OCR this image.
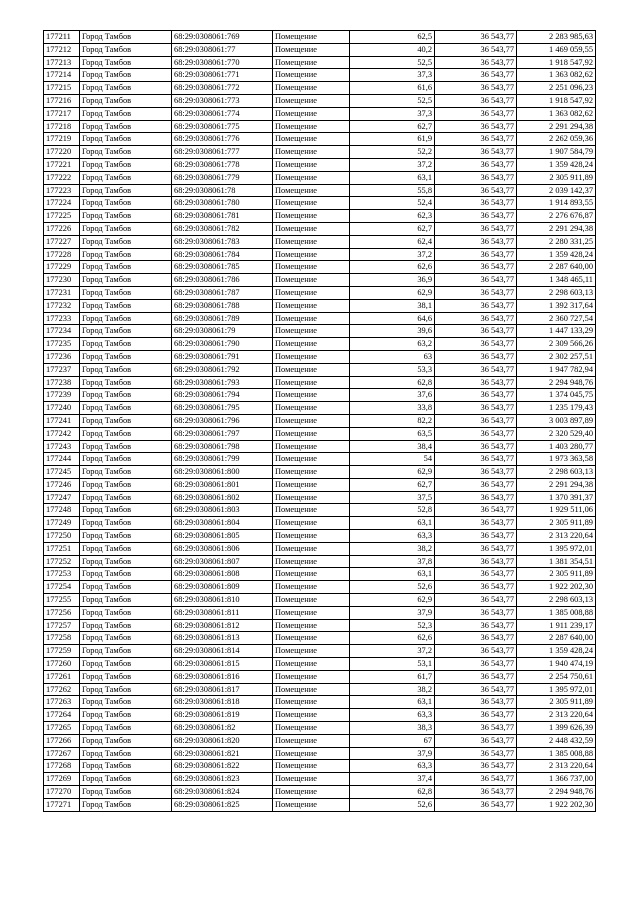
177211	Город Тамбов	68:29:0308061:769	Помещение	62,5	36 543,77	2 283 985,63
177212	Город Тамбов	68:29:0308061:77	Помещение	40,2	36 543,77	1 469 059,55
177213	Город Тамбов	68:29:0308061:770	Помещение	52,5	36 543,77	1 918 547,92
177214	Город Тамбов	68:29:0308061:771	Помещение	37,3	36 543,77	1 363 082,62
177215	Город Тамбов	68:29:0308061:772	Помещение	61,6	36 543,77	2 251 096,23
177216	Город Тамбов	68:29:0308061:773	Помещение	52,5	36 543,77	1 918 547,92
177217	Город Тамбов	68:29:0308061:774	Помещение	37,3	36 543,77	1 363 082,62
177218	Город Тамбов	68:29:0308061:775	Помещение	62,7	36 543,77	2 291 294,38
177219	Город Тамбов	68:29:0308061:776	Помещение	61,9	36 543,77	2 262 059,36
177220	Город Тамбов	68:29:0308061:777	Помещение	52,2	36 543,77	1 907 584,79
177221	Город Тамбов	68:29:0308061:778	Помещение	37,2	36 543,77	1 359 428,24
177222	Город Тамбов	68:29:0308061:779	Помещение	63,1	36 543,77	2 305 911,89
177223	Город Тамбов	68:29:0308061:78	Помещение	55,8	36 543,77	2 039 142,37
177224	Город Тамбов	68:29:0308061:780	Помещение	52,4	36 543,77	1 914 893,55
177225	Город Тамбов	68:29:0308061:781	Помещение	62,3	36 543,77	2 276 676,87
177226	Город Тамбов	68:29:0308061:782	Помещение	62,7	36 543,77	2 291 294,38
177227	Город Тамбов	68:29:0308061:783	Помещение	62,4	36 543,77	2 280 331,25
177228	Город Тамбов	68:29:0308061:784	Помещение	37,2	36 543,77	1 359 428,24
177229	Город Тамбов	68:29:0308061:785	Помещение	62,6	36 543,77	2 287 640,00
177230	Город Тамбов	68:29:0308061:786	Помещение	36,9	36 543,77	1 348 465,11
177231	Город Тамбов	68:29:0308061:787	Помещение	62,9	36 543,77	2 298 603,13
177232	Город Тамбов	68:29:0308061:788	Помещение	38,1	36 543,77	1 392 317,64
177233	Город Тамбов	68:29:0308061:789	Помещение	64,6	36 543,77	2 360 727,54
177234	Город Тамбов	68:29:0308061:79	Помещение	39,6	36 543,77	1 447 133,29
177235	Город Тамбов	68:29:0308061:790	Помещение	63,2	36 543,77	2 309 566,26
177236	Город Тамбов	68:29:0308061:791	Помещение	63	36 543,77	2 302 257,51
177237	Город Тамбов	68:29:0308061:792	Помещение	53,3	36 543,77	1 947 782,94
177238	Город Тамбов	68:29:0308061:793	Помещение	62,8	36 543,77	2 294 948,76
177239	Город Тамбов	68:29:0308061:794	Помещение	37,6	36 543,77	1 374 045,75
177240	Город Тамбов	68:29:0308061:795	Помещение	33,8	36 543,77	1 235 179,43
177241	Город Тамбов	68:29:0308061:796	Помещение	82,2	36 543,77	3 003 897,89
177242	Город Тамбов	68:29:0308061:797	Помещение	63,5	36 543,77	2 320 529,40
177243	Город Тамбов	68:29:0308061:798	Помещение	38,4	36 543,77	1 403 280,77
177244	Город Тамбов	68:29:0308061:799	Помещение	54	36 543,77	1 973 363,58
177245	Город Тамбов	68:29:0308061:800	Помещение	62,9	36 543,77	2 298 603,13
177246	Город Тамбов	68:29:0308061:801	Помещение	62,7	36 543,77	2 291 294,38
177247	Город Тамбов	68:29:0308061:802	Помещение	37,5	36 543,77	1 370 391,37
177248	Город Тамбов	68:29:0308061:803	Помещение	52,8	36 543,77	1 929 511,06
177249	Город Тамбов	68:29:0308061:804	Помещение	63,1	36 543,77	2 305 911,89
177250	Город Тамбов	68:29:0308061:805	Помещение	63,3	36 543,77	2 313 220,64
177251	Город Тамбов	68:29:0308061:806	Помещение	38,2	36 543,77	1 395 972,01
177252	Город Тамбов	68:29:0308061:807	Помещение	37,8	36 543,77	1 381 354,51
177253	Город Тамбов	68:29:0308061:808	Помещение	63,1	36 543,77	2 305 911,89
177254	Город Тамбов	68:29:0308061:809	Помещение	52,6	36 543,77	1 922 202,30
177255	Город Тамбов	68:29:0308061:810	Помещение	62,9	36 543,77	2 298 603,13
177256	Город Тамбов	68:29:0308061:811	Помещение	37,9	36 543,77	1 385 008,88
177257	Город Тамбов	68:29:0308061:812	Помещение	52,3	36 543,77	1 911 239,17
177258	Город Тамбов	68:29:0308061:813	Помещение	62,6	36 543,77	2 287 640,00
177259	Город Тамбов	68:29:0308061:814	Помещение	37,2	36 543,77	1 359 428,24
177260	Город Тамбов	68:29:0308061:815	Помещение	53,1	36 543,77	1 940 474,19
177261	Город Тамбов	68:29:0308061:816	Помещение	61,7	36 543,77	2 254 750,61
177262	Город Тамбов	68:29:0308061:817	Помещение	38,2	36 543,77	1 395 972,01
177263	Город Тамбов	68:29:0308061:818	Помещение	63,1	36 543,77	2 305 911,89
177264	Город Тамбов	68:29:0308061:819	Помещение	63,3	36 543,77	2 313 220,64
177265	Город Тамбов	68:29:0308061:82	Помещение	38,3	36 543,77	1 399 626,39
177266	Город Тамбов	68:29:0308061:820	Помещение	67	36 543,77	2 448 432,59
177267	Город Тамбов	68:29:0308061:821	Помещение	37,9	36 543,77	1 385 008,88
177268	Город Тамбов	68:29:0308061:822	Помещение	63,3	36 543,77	2 313 220,64
177269	Город Тамбов	68:29:0308061:823	Помещение	37,4	36 543,77	1 366 737,00
177270	Город Тамбов	68:29:0308061:824	Помещение	62,8	36 543,77	2 294 948,76
177271	Город Тамбов	68:29:0308061:825	Помещение	52,6	36 543,77	1 922 202,30
